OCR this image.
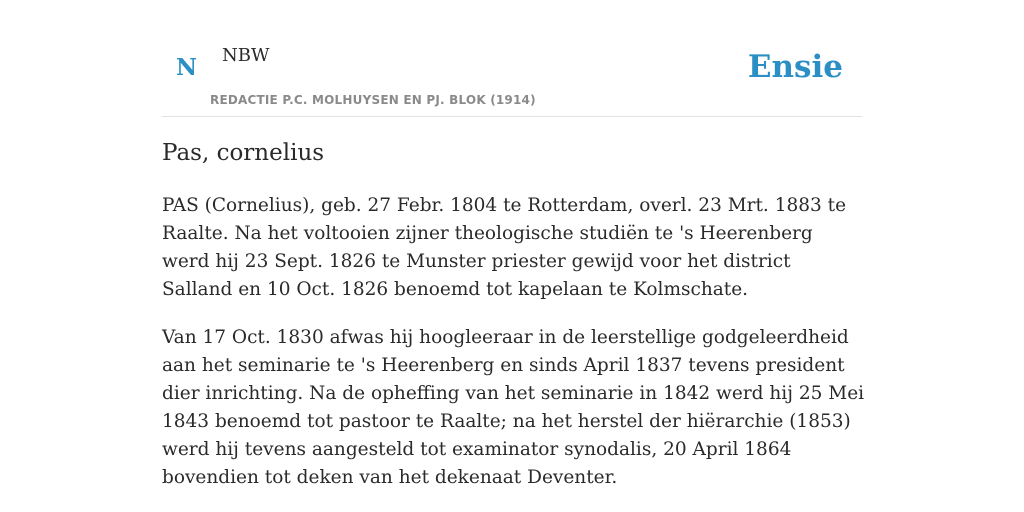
N NBW
REDACTIE P.C. MOLHUYSEN EN PJ. BLOK (1914)
Ensie
Pas, cornelius

PAS (Cornelius), geb. 27 Febr. 1804 te Rotterdam, overl. 23 Mrt. 1883 te Raalte. Na het voltooien zijner theologische studiën te 's Heerenberg werd hij 23 Sept. 1826 te Munster priester gewijd voor het district Salland en 10 Oct. 1826 benoemd tot kapelaan te Kolmschate.

Van 17 Oct. 1830 afwas hij hoogleeraar in de leerstellige godgeleerdheid aan het seminarie te 's Heerenberg en sinds April 1837 tevens president dier inrichting. Na de opheffing van het seminarie in 1842 werd hij 25 Mei 1843 benoemd tot pastoor te Raalte; na het herstel der hiërarchie (1853) werd hij tevens aangesteld tot examinator synodalis, 20 April 1864 bovendien tot deken van het dekenaat Deventer.
